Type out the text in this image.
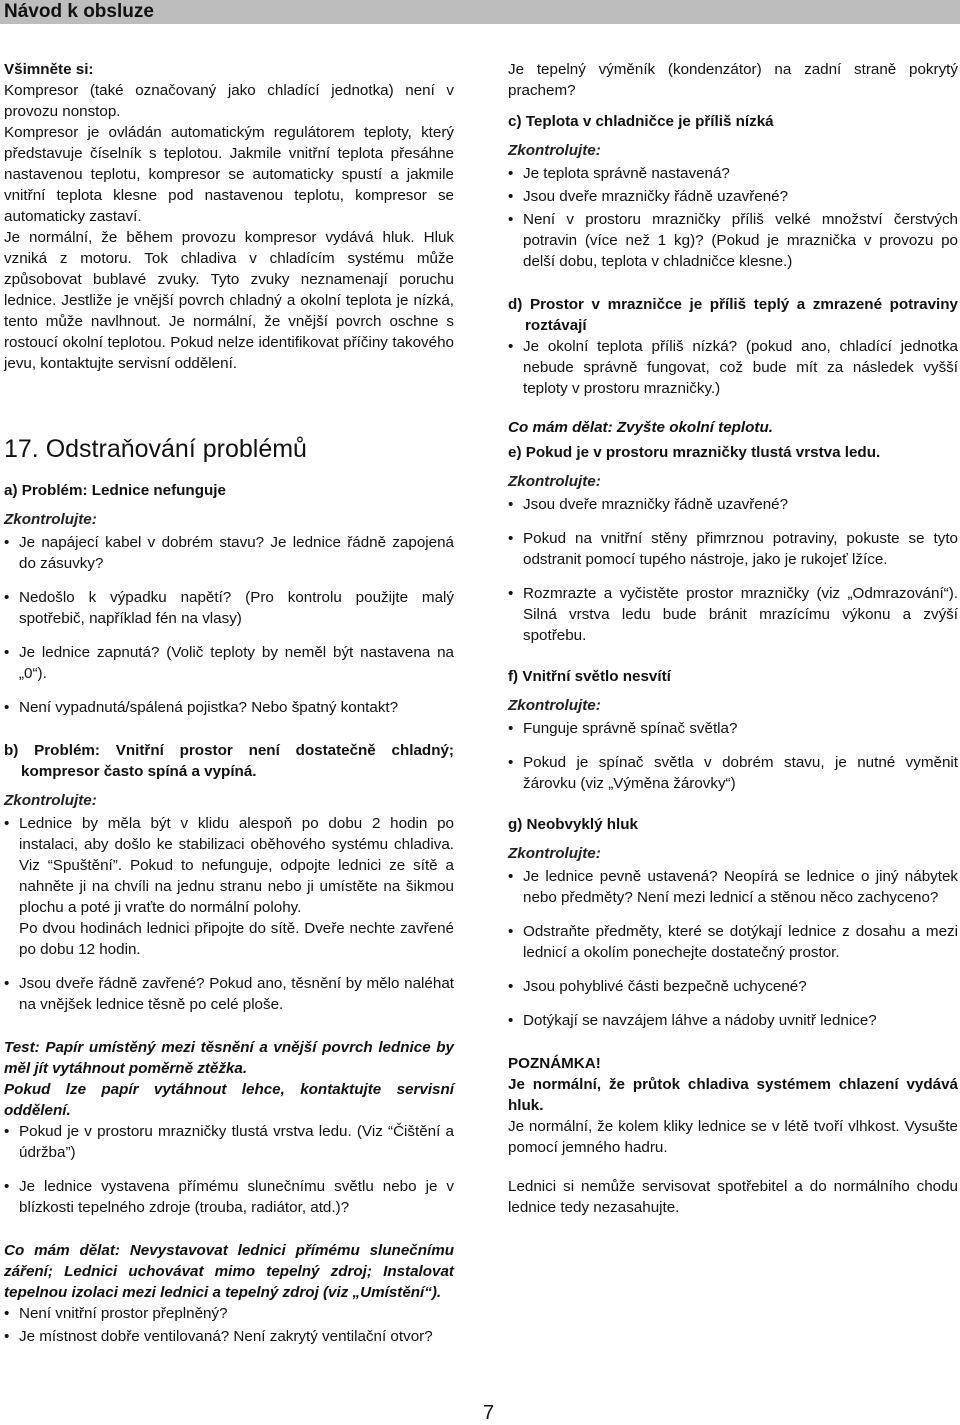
Návod k obsluze

Všimněte si:

Kompresor (také označovaný jako chladící jednotka) není v provozu nonstop.

Kompresor je ovládán automatickým regulátorem teploty, který představuje číselník s teplotou. Jakmile vnitřní teplota přesáhne nastavenou teplotu, kompresor se automaticky spustí a jakmile vnitřní teplota klesne pod nastavenou teplotu, kompresor se automaticky zastaví.

Je normální, že během provozu kompresor vydává hluk. Hluk vzniká z motoru. Tok chladiva v chladícím systému může způsobovat bublavé zvuky. Tyto zvuky neznamenají poruchu lednice. Jestliže je vnější povrch chladný a okolní teplota je nízká, tento může navlhnout. Je normální, že vnější povrch oschne s rostoucí okolní teplotou. Pokud nelze identifikovat příčiny takového jevu, kontaktujte servisní oddělení.

17. Odstraňování problémů

a) Problém: Lednice nefunguje

Zkontrolujte:

• Je napájecí kabel v dobrém stavu? Je lednice řádně zapojená do zásuvky?
• Nedošlo k výpadku napětí? (Pro kontrolu použijte malý spotřebič, například fén na vlasy)
• Je lednice zapnutá? (Volič teploty by neměl být nastavena na „0“).
• Není vypadnutá/spálená pojistka? Nebo špatný kontakt?

b) Problém: Vnitřní prostor není dostatečně chladný; kompresor často spíná a vypíná.

Zkontrolujte:

• Lednice by měla být v klidu alespoň po dobu 2 hodin po instalaci, aby došlo ke stabilizaci oběhového systému chladiva. Viz “Spuštění”. Pokud to nefunguje, odpojte lednici ze sítě a nahněte ji na chvíli na jednu stranu nebo ji umístěte na šikmou plochu a poté ji vraťte do normální polohy.
Po dvou hodinách lednici připojte do sítě. Dveře nechte zavřené po dobu 12 hodin.
• Jsou dveře řádně zavřené? Pokud ano, těsnění by mělo naléhat na vnějšek lednice těsně po celé ploše.

Test: Papír umístěný mezi těsnění a vnější povrch lednice by měl jít vytáhnout poměrně ztěžka.

Pokud lze papír vytáhnout lehce, kontaktujte servisní oddělení.

• Pokud je v prostoru mrazničky tlustá vrstva ledu. (Viz “Čištění a údržba”)
• Je lednice vystavena přímému slunečnímu světlu nebo je v blízkosti tepelného zdroje (trouba, radiátor, atd.)?

Co mám dělat: Nevystavovat lednici přímému slunečnímu záření; Lednici uchovávat mimo tepelný zdroj; Instalovat tepelnou izolaci mezi lednici a tepelný zdroj (viz „Umístění“).

• Není vnitřní prostor přeplněný?
• Je místnost dobře ventilovaná? Není zakrytý ventilační otvor?

Je tepelný výměník (kondenzátor) na zadní straně pokrytý prachem?

c) Teplota v chladničce je příliš nízká

Zkontrolujte:

• Je teplota správně nastavená?
• Jsou dveře mrazničky řádně uzavřené?
• Není v prostoru mrazničky příliš velké množství čerstvých potravin (více než 1 kg)? (Pokud je mraznička v provozu po delší dobu, teplota v chladničce klesne.)

d) Prostor v mrazničce je příliš teplý a zmrazené potraviny roztávají

• Je okolní teplota příliš nízká? (pokud ano, chladící jednotka nebude správně fungovat, což bude mít za následek vyšší teploty v prostoru mrazničky.)

Co mám dělat: Zvyšte okolní teplotu.

e) Pokud je v prostoru mrazničky tlustá vrstva ledu.

Zkontrolujte:

• Jsou dveře mrazničky řádně uzavřené?
• Pokud na vnitřní stěny přimrznou potraviny, pokuste se tyto odstranit pomocí tupého nástroje, jako je rukojeť lžíce.
• Rozmrazte a vyčistěte prostor mrazničky (viz „Odmrazování“). Silná vrstva ledu bude bránit mrazícímu výkonu a zvýší spotřebu.

f) Vnitřní světlo nesvítí

Zkontrolujte:

• Funguje správně spínač světla?
• Pokud je spínač světla v dobrém stavu, je nutné vyměnit žárovku (viz „Výměna žárovky“)

g) Neobvyklý hluk

Zkontrolujte:

• Je lednice pevně ustavená? Neopírá se lednice o jiný nábytek nebo předměty? Není mezi lednicí a stěnou něco zachyceno?
• Odstraňte předměty, které se dotýkají lednice z dosahu a mezi lednicí a okolím ponechejte dostatečný prostor.
• Jsou pohyblivé části bezpečně uchycené?
• Dotýkají se navzájem láhve a nádoby uvnitř lednice?

POZNÁMKA!

Je normální, že průtok chladiva systémem chlazení vydává hluk.

Je normální, že kolem kliky lednice se v létě tvoří vlhkost. Vysušte pomocí jemného hadru.

Lednici si nemůže servisovat spotřebitel a do normálního chodu lednice tedy nezasahujte.

7
